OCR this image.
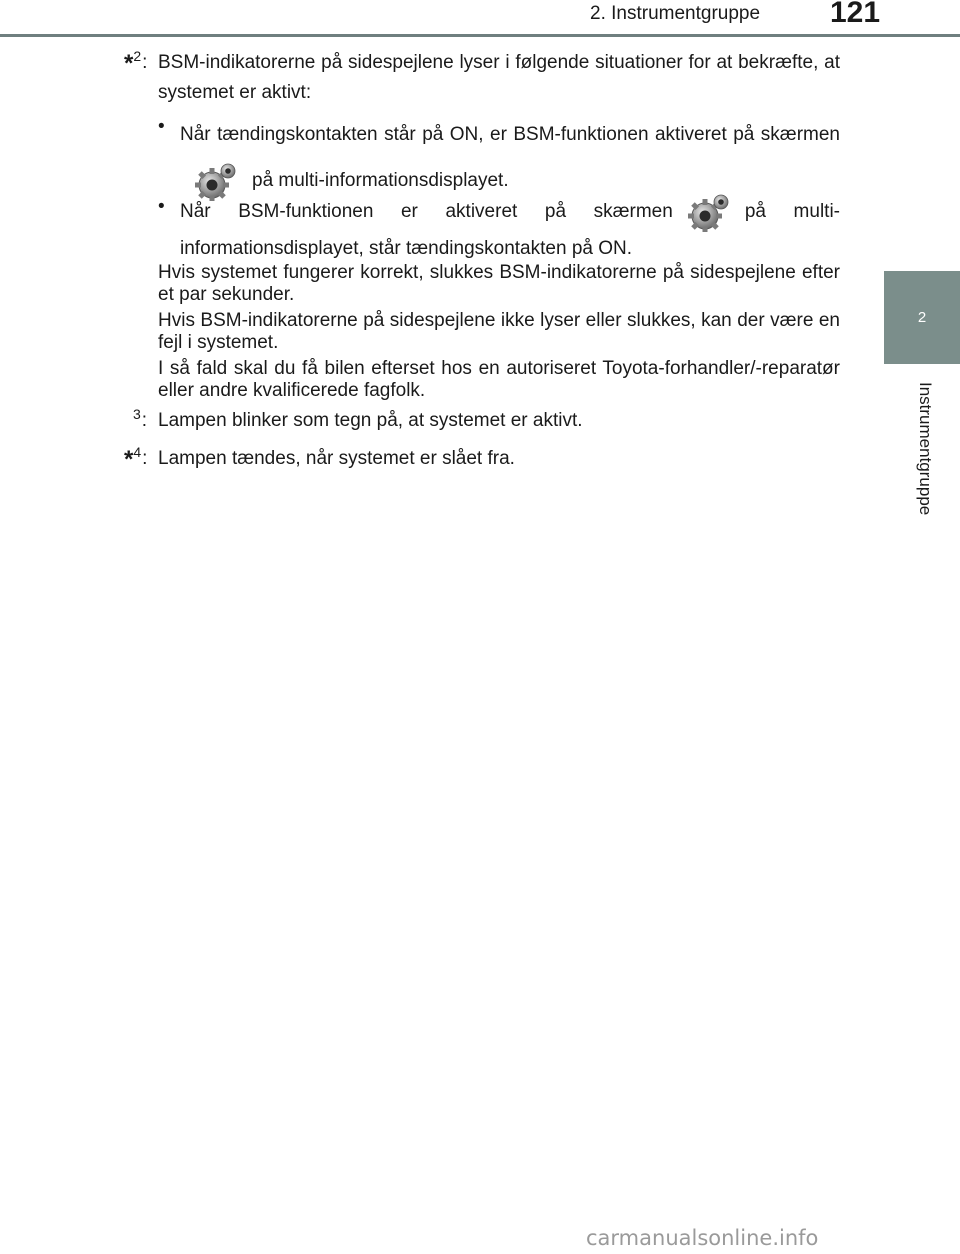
2. Instrumentgruppe 121
2
Instrumentgruppe
*$^2$: BSM-indikatorerne på sidespejlene lyser i følgende situationer for at bekræfte, at systemet er aktivt:
• Når tændingskontakten står på ON, er BSM-funktionen aktiveret på skærmenpå multi-informationsdisplayet.
• Når BSM-funktionen er aktiveret på skærmen	på multi-informationsdisplayet, står tændingskontakten på ON.
Hvis systemet fungerer korrekt, slukkes BSM-indikatorerne på sidespejlene efter et par sekunder.
Hvis BSM-indikatorerne på sidespejlene ikke lyser eller slukkes, kan der være en fejl i systemet.
I så fald skal du få bilen efterset hos en autoriseret Toyota-forhandler/-reparatør eller andre kvalificerede fagfolk.
$^3$: Lampen blinker som tegn på, at systemet er aktivt.
*$^4$: Lampen tændes, når systemet er slået fra.
carmanualsonline.info
